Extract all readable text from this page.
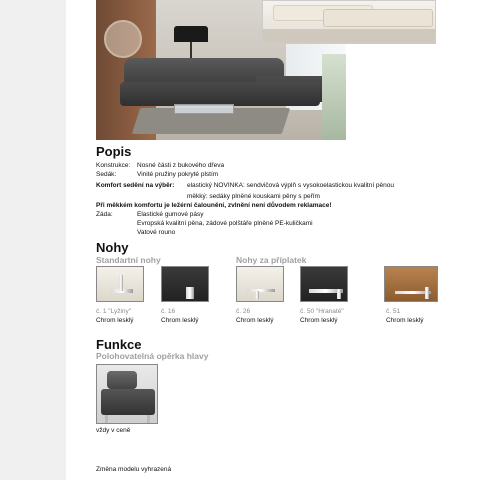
Popis
Konstrukce: Nosné části z bukového dřeva
Sedák:	Vinité pružiny pokryté plstím
Komfort sedění na výběr: elastický NOVINKA: sendvičová výplň s vysokoelastickou kvalitní pěnou
měkký: sedáky plněné kouskami pěny s peřím
Při měkkém komfortu je ležérní čalounění, zvlnění není důvodem reklamace!
Záda:	Elastické gumové pásy
Evropská kvalitní pěna, zádové polštáře plněné PE-kuličkami
Vatové rouno
Nohy
Standartní nohy	Nohy za příplatek
č. 1 "Lyžiny"
Chrom lesklý
č. 16
Chrom lesklý
č. 26
Chrom lesklý
č. 50 "Hranaté"
Chrom lesklý
č. 51
Chrom lesklý
Funkce
Polohovatelná opěrka hlavy
vždy v ceně
Změna modelu vyhrazená
